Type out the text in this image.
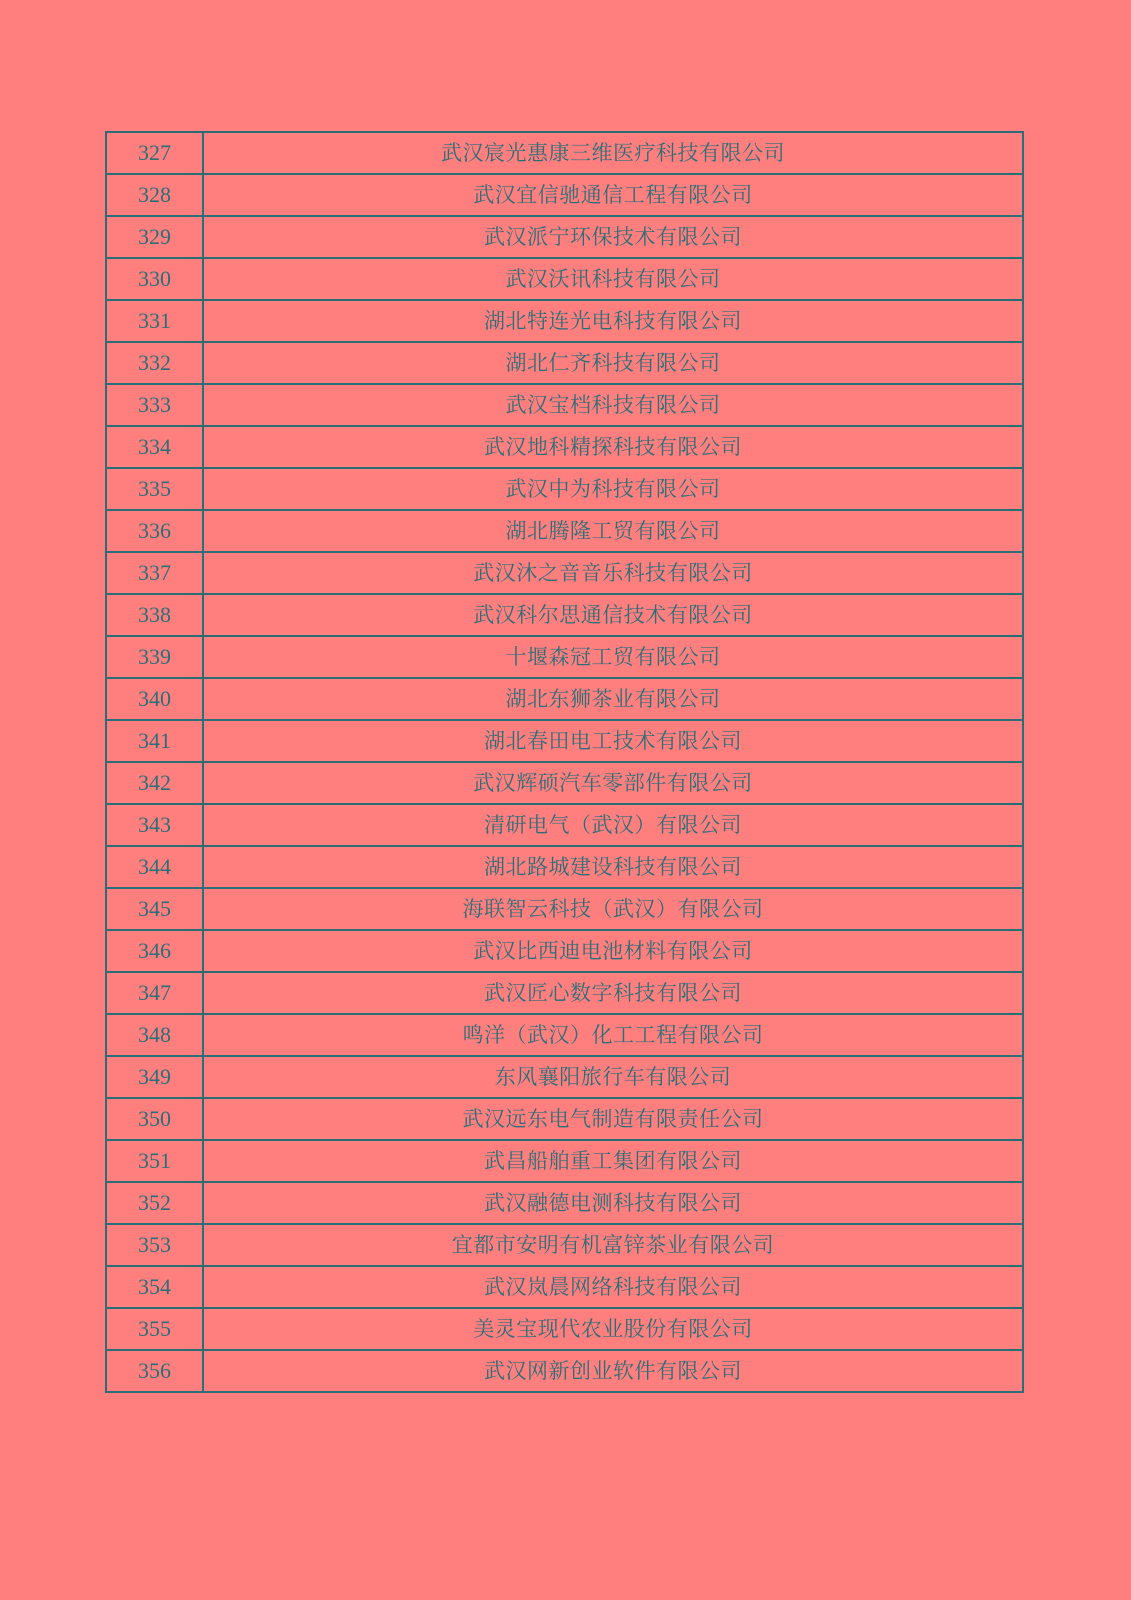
327	武汉宸光惠康三维医疗科技有限公司
328	武汉宜信驰通信工程有限公司
329	武汉派宁环保技术有限公司
330	武汉沃讯科技有限公司
331	湖北特连光电科技有限公司
332	湖北仁齐科技有限公司
333	武汉宝档科技有限公司
334	武汉地科精探科技有限公司
335	武汉中为科技有限公司
336	湖北腾隆工贸有限公司
337	武汉沐之音音乐科技有限公司
338	武汉科尔思通信技术有限公司
339	十堰森冠工贸有限公司
340	湖北东狮茶业有限公司
341	湖北春田电工技术有限公司
342	武汉辉硕汽车零部件有限公司
343	清研电气（武汉）有限公司
344	湖北路城建设科技有限公司
345	海联智云科技（武汉）有限公司
346	武汉比西迪电池材料有限公司
347	武汉匠心数字科技有限公司
348	鸣洋（武汉）化工工程有限公司
349	东风襄阳旅行车有限公司
350	武汉远东电气制造有限责任公司
351	武昌船舶重工集团有限公司
352	武汉融德电测科技有限公司
353	宜都市安明有机富锌茶业有限公司
354	武汉岚晨网络科技有限公司
355	美灵宝现代农业股份有限公司
356	武汉网新创业软件有限公司
